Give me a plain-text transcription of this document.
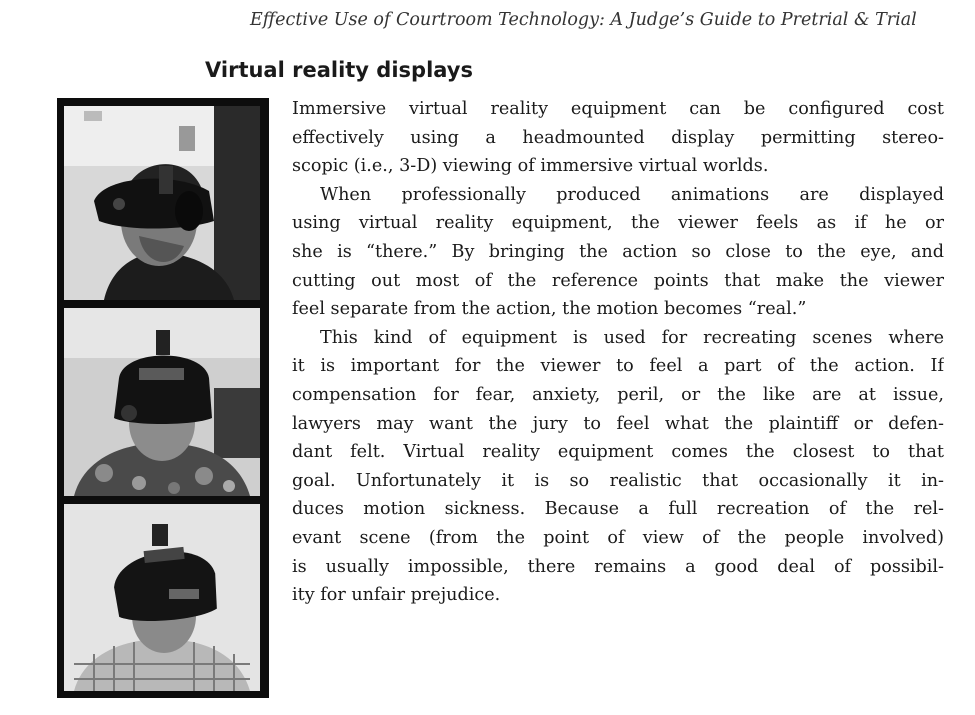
Effective Use of Courtroom Technology: A Judge’s Guide to Pretrial & Trial
Virtual reality displays
Immersive virtual reality equipment can be configured cost
effectively using a headmounted display permitting stereo-
scopic (i.e., 3-D) viewing of immersive virtual worlds.
When professionally produced animations are displayed
using virtual reality equipment, the viewer feels as if he or
she is “there.” By bringing the action so close to the eye, and
cutting out most of the reference points that make the viewer
feel separate from the action, the motion becomes “real.”
This kind of equipment is used for recreating scenes where
it is important for the viewer to feel a part of the action. If
compensation for fear, anxiety, peril, or the like are at issue,
lawyers may want the jury to feel what the plaintiff or defen-
dant felt. Virtual reality equipment comes the closest to that
goal. Unfortunately it is so realistic that occasionally it in-
duces motion sickness. Because a full recreation of the rel-
evant scene (from the point of view of the people involved)
is usually impossible, there remains a good deal of possibil-
ity for unfair prejudice.
